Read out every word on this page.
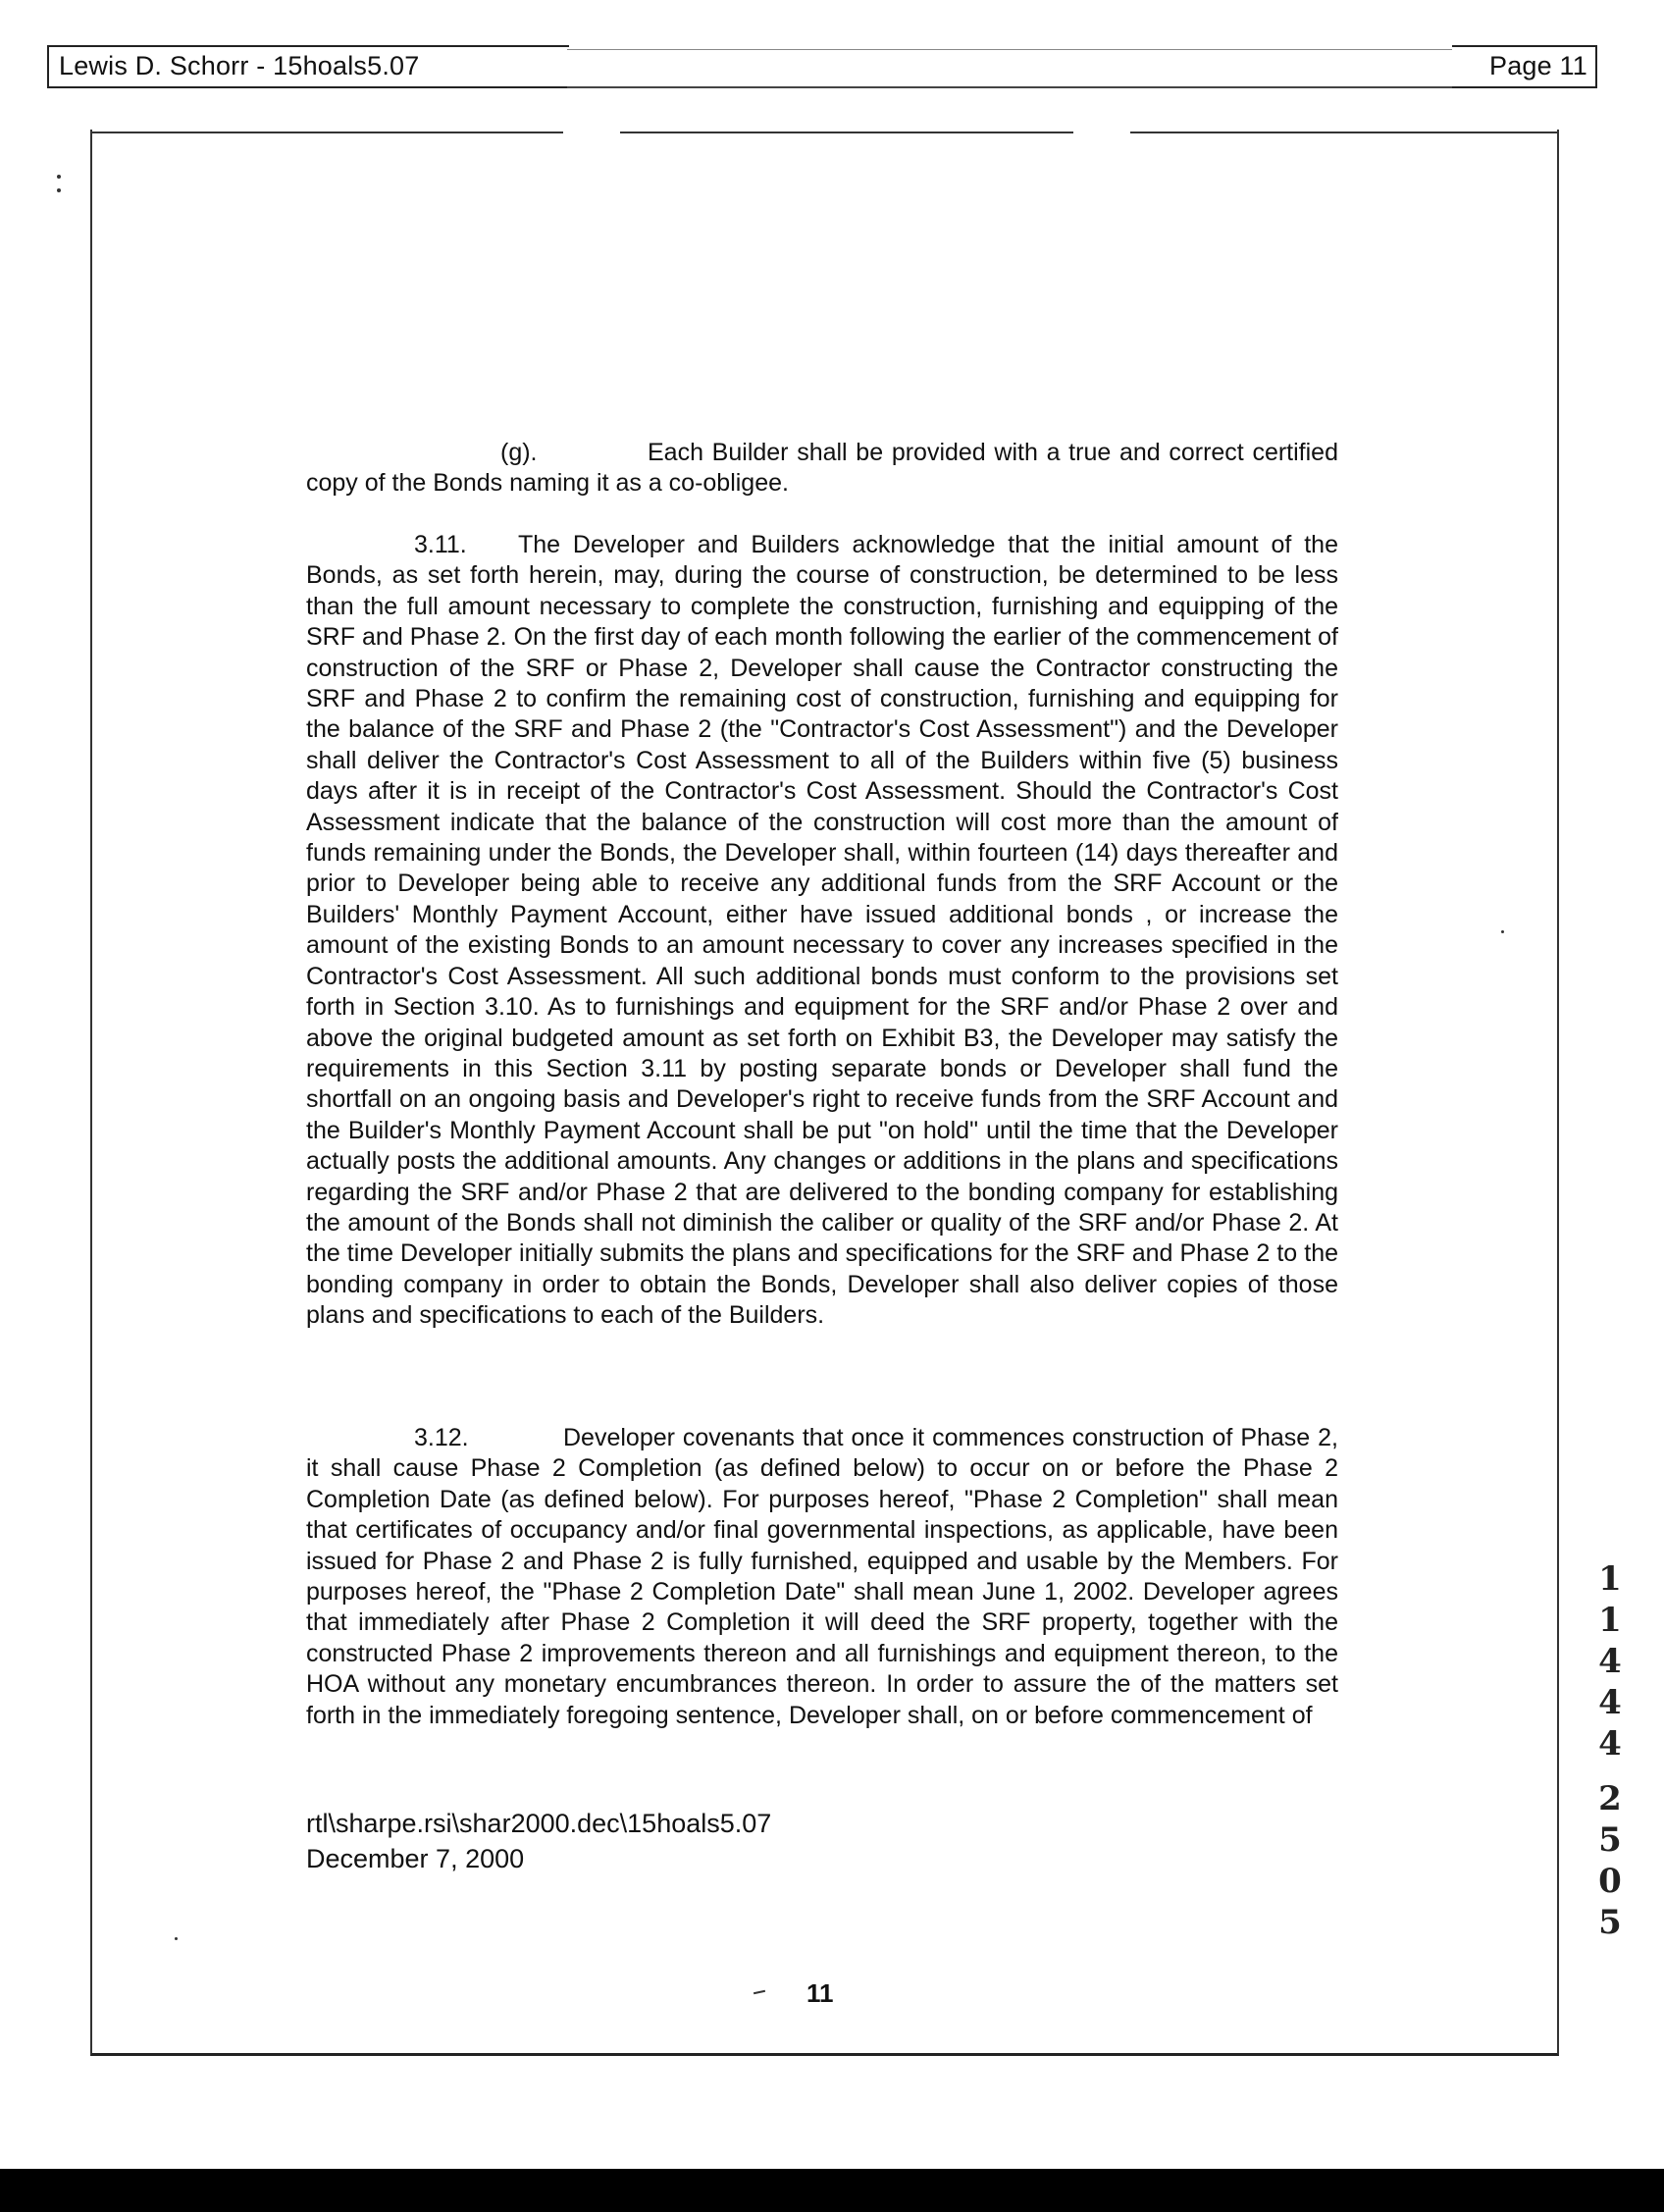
Lewis D. Schorr - 15hoals5.07	Page 11

(g).	Each Builder shall be provided with a true and correct certified copy of the Bonds naming it as a co-obligee.

3.11. The Developer and Builders acknowledge that the initial amount of the Bonds, as set forth herein, may, during the course of construction, be determined to be less than the full amount necessary to complete the construction, furnishing and equipping of the SRF and Phase 2. On the first day of each month following the earlier of the commencement of construction of the SRF or Phase 2, Developer shall cause the Contractor constructing the SRF and Phase 2 to confirm the remaining cost of construction, furnishing and equipping for the balance of the SRF and Phase 2 (the "Contractor's Cost Assessment") and the Developer shall deliver the Contractor's Cost Assessment to all of the Builders within five (5) business days after it is in receipt of the Contractor's Cost Assessment. Should the Contractor's Cost Assessment indicate that the balance of the construction will cost more than the amount of funds remaining under the Bonds, the Developer shall, within fourteen (14) days thereafter and prior to Developer being able to receive any additional funds from the SRF Account or the Builders' Monthly Payment Account, either have issued additional bonds , or increase the amount of the existing Bonds to an amount necessary to cover any increases specified in the Contractor's Cost Assessment. All such additional bonds must conform to the provisions set forth in Section 3.10. As to furnishings and equipment for the SRF and/or Phase 2 over and above the original budgeted amount as set forth on Exhibit B3, the Developer may satisfy the requirements in this Section 3.11 by posting separate bonds or Developer shall fund the shortfall on an ongoing basis and Developer's right to receive funds from the SRF Account and the Builder's Monthly Payment Account shall be put "on hold" until the time that the Developer actually posts the additional amounts. Any changes or additions in the plans and specifications regarding the SRF and/or Phase 2 that are delivered to the bonding company for establishing the amount of the Bonds shall not diminish the caliber or quality of the SRF and/or Phase 2. At the time Developer initially submits the plans and specifications for the SRF and Phase 2 to the bonding company in order to obtain the Bonds, Developer shall also deliver copies of those plans and specifications to each of the Builders.

3.12.	Developer covenants that once it commences construction of Phase 2, it shall cause Phase 2 Completion (as defined below) to occur on or before the Phase 2 Completion Date (as defined below). For purposes hereof, "Phase 2 Completion" shall mean that certificates of occupancy and/or final governmental inspections, as applicable, have been issued for Phase 2 and Phase 2 is fully furnished, equipped and usable by the Members. For purposes hereof, the "Phase 2 Completion Date" shall mean June 1, 2002. Developer agrees that immediately after Phase 2 Completion it will deed the SRF property, together with the constructed Phase 2 improvements thereon and all furnishings and equipment thereon, to the HOA without any monetary encumbrances thereon. In order to assure the of the matters set forth in the immediately foregoing sentence, Developer shall, on or before commencement of

rtl\sharpe.rsi\shar2000.dec\15hoals5.07
December 7, 2000
11
1
1
4
4
4
2
5
0
5
